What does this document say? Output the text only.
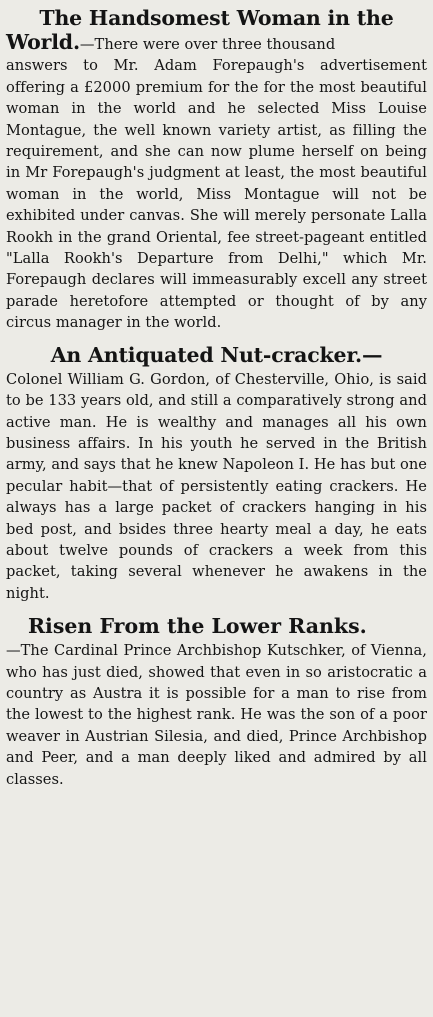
The Handsomest Woman in the
World.—There were over three thousand
answers to Mr. Adam Forepaugh's advertisement offering a £2000 premium for the for the most beautiful woman in the world and he selected Miss Louise Montague, the well known variety artist, as filling the requirement, and she can now plume herself on being in Mr Forepaugh's judgment at least, the most beautiful woman in the world, Miss Montague will not be exhibited under canvas. She will merely personate Lalla Rookh in the grand Oriental, fee street-pageant entitled "Lalla Rookh's Departure from Delhi," which Mr. Forepaugh declares will immeasurably excell any street parade heretofore attempted or thought of by any circus manager in the world.
An Antiquated Nut-cracker.—
Colonel William G. Gordon, of Chesterville, Ohio, is said to be 133 years old, and still a comparatively strong and active man. He is wealthy and manages all his own business affairs. In his youth he served in the British army, and says that he knew Napoleon I. He has but one pecular habit—that of persistently eating crackers. He always has a large packet of crackers hanging in his bed post, and bsides three hearty meal a day, he eats about twelve pounds of crackers a week from this packet, taking several whenever he awakens in the night.
Risen From the Lower Ranks.
—The Cardinal Prince Archbishop Kutschker, of Vienna, who has just died, showed that even in so aristocratic a country as Austra it is possible for a man to rise from the lowest to the highest rank. He was the son of a poor weaver in Austrian Silesia, and died, Prince Archbishop and Peer, and a man deeply liked and admired by all classes.
